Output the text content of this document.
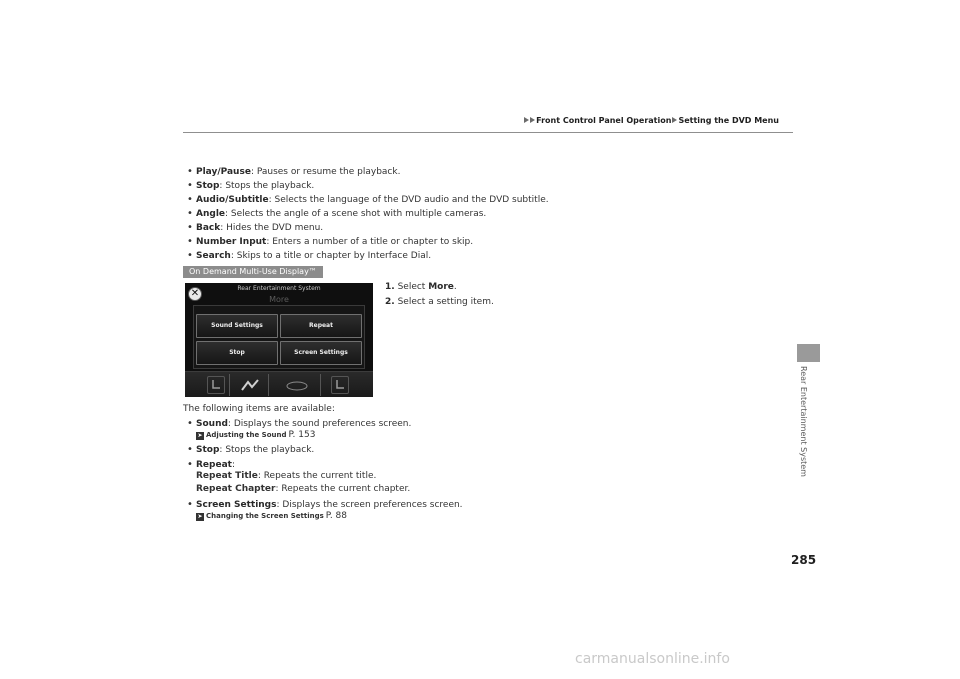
Front Control Panel Operation Setting the DVD Menu
Rear Entertainment System
• Play/Pause: Pauses or resume the playback.
• Stop: Stops the playback.
• Audio/Subtitle: Selects the language of the DVD audio and the DVD subtitle.
• Angle: Selects the angle of a scene shot with multiple cameras.
• Back: Hides the DVD menu.
• Number Input: Enters a number of a title or chapter to skip.
• Search: Skips to a title or chapter by Interface Dial.
On Demand Multi-Use Display™
Rear Entertainment System
More
✕
Sound Settings	Repeat
Stop	Screen Settings
1. Select More.
2. Select a setting item.
The following items are available:
• Sound: Displays the sound preferences screen.
➤ Adjusting the Sound P. 153
• Stop: Stops the playback.
• Repeat:
Repeat Title: Repeats the current title.
Repeat Chapter: Repeats the current chapter.
• Screen Settings: Displays the screen preferences screen.
➤ Changing the Screen Settings P. 88
285
carmanualsonline.info
